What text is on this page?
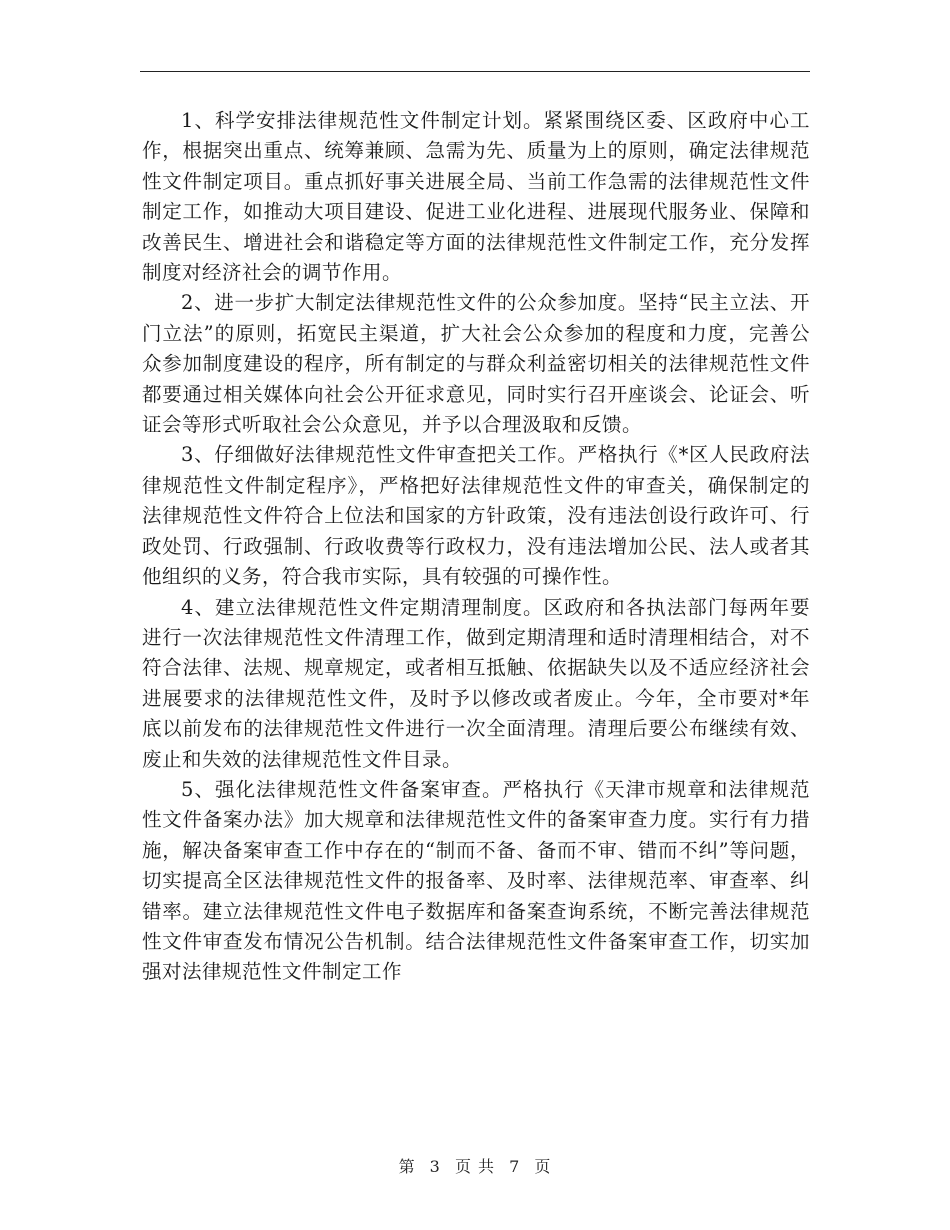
1、科学安排法律规范性文件制定计划。紧紧围绕区委、区政府中心工作，根据突出重点、统筹兼顾、急需为先、质量为上的原则，确定法律规范性文件制定项目。重点抓好事关进展全局、当前工作急需的法律规范性文件制定工作，如推动大项目建设、促进工业化进程、进展现代服务业、保障和改善民生、增进社会和谐稳定等方面的法律规范性文件制定工作，充分发挥制度对经济社会的调节作用。

2、进一步扩大制定法律规范性文件的公众参加度。坚持“民主立法、开门立法”的原则，拓宽民主渠道，扩大社会公众参加的程度和力度，完善公众参加制度建设的程序，所有制定的与群众利益密切相关的法律规范性文件都要通过相关媒体向社会公开征求意见，同时实行召开座谈会、论证会、听证会等形式听取社会公众意见，并予以合理汲取和反馈。

3、仔细做好法律规范性文件审查把关工作。严格执行《*区人民政府法律规范性文件制定程序》，严格把好法律规范性文件的审查关，确保制定的法律规范性文件符合上位法和国家的方针政策，没有违法创设行政许可、行政处罚、行政强制、行政收费等行政权力，没有违法增加公民、法人或者其他组织的义务，符合我市实际，具有较强的可操作性。

4、建立法律规范性文件定期清理制度。区政府和各执法部门每两年要进行一次法律规范性文件清理工作，做到定期清理和适时清理相结合，对不符合法律、法规、规章规定，或者相互抵触、依据缺失以及不适应经济社会进展要求的法律规范性文件，及时予以修改或者废止。今年，全市要对*年底以前发布的法律规范性文件进行一次全面清理。清理后要公布继续有效、废止和失效的法律规范性文件目录。

5、强化法律规范性文件备案审查。严格执行《天津市规章和法律规范性文件备案办法》加大规章和法律规范性文件的备案审查力度。实行有力措施，解决备案审查工作中存在的“制而不备、备而不审、错而不纠”等问题，切实提高全区法律规范性文件的报备率、及时率、法律规范率、审查率、纠错率。建立法律规范性文件电子数据库和备案查询系统，不断完善法律规范性文件审查发布情况公告机制。结合法律规范性文件备案审查工作，切实加强对法律规范性文件制定工作

第 3 页 共 7 页
